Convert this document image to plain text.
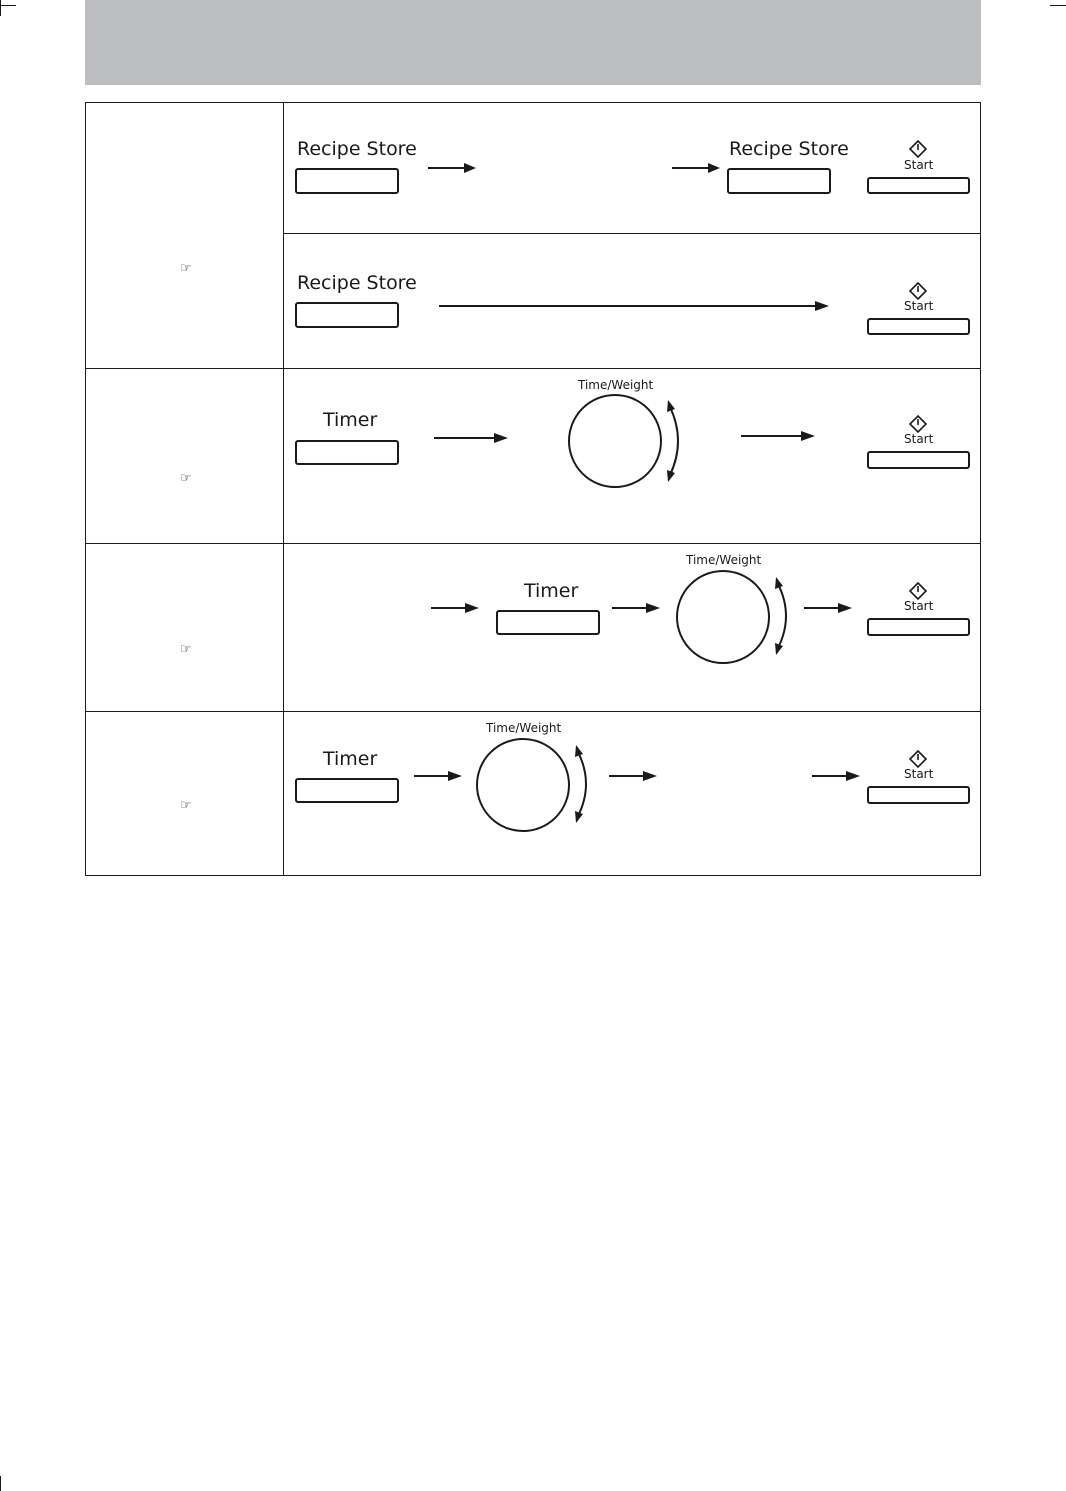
☞
☞
☞
☞
Recipe Store	Recipe Store
Start
Recipe Store
Start
Timer
Time/Weight
Start
Timer
Time/Weight
Start
Timer
Time/Weight
Start
